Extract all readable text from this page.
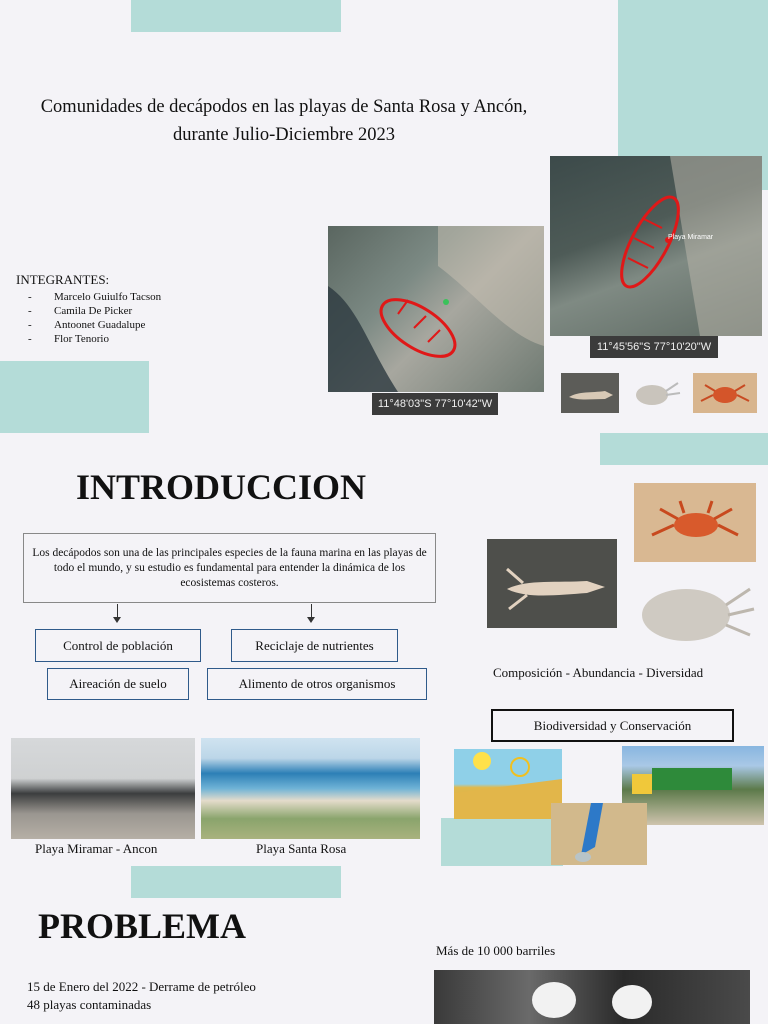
Comunidades de decápodos en las playas de Santa Rosa y Ancón, durante Julio-Diciembre 2023
INTEGRANTES:
- Marcelo Guiulfo Tacson
- Camila De Picker
- Antoonet Guadalupe
- Flor Tenorio
11°48'03"S 77°10'42"W
Playa Miramar
11°45'56"S 77°10'20"W
INTRODUCCION
Los decápodos son una de las principales especies de la fauna marina en las playas de todo el mundo, y su estudio es fundamental para entender la dinámica de los ecosistemas costeros.
Control de población	Reciclaje de nutrientes
Aireación de suelo	Alimento de otros organismos
Composición - Abundancia - Diversidad
Biodiversidad y Conservación
Playa Miramar - Ancon	Playa Santa Rosa
PROBLEMA
Más de 10 000 barriles
15 de Enero del 2022 - Derrame de petróleo
48 playas contaminadas
